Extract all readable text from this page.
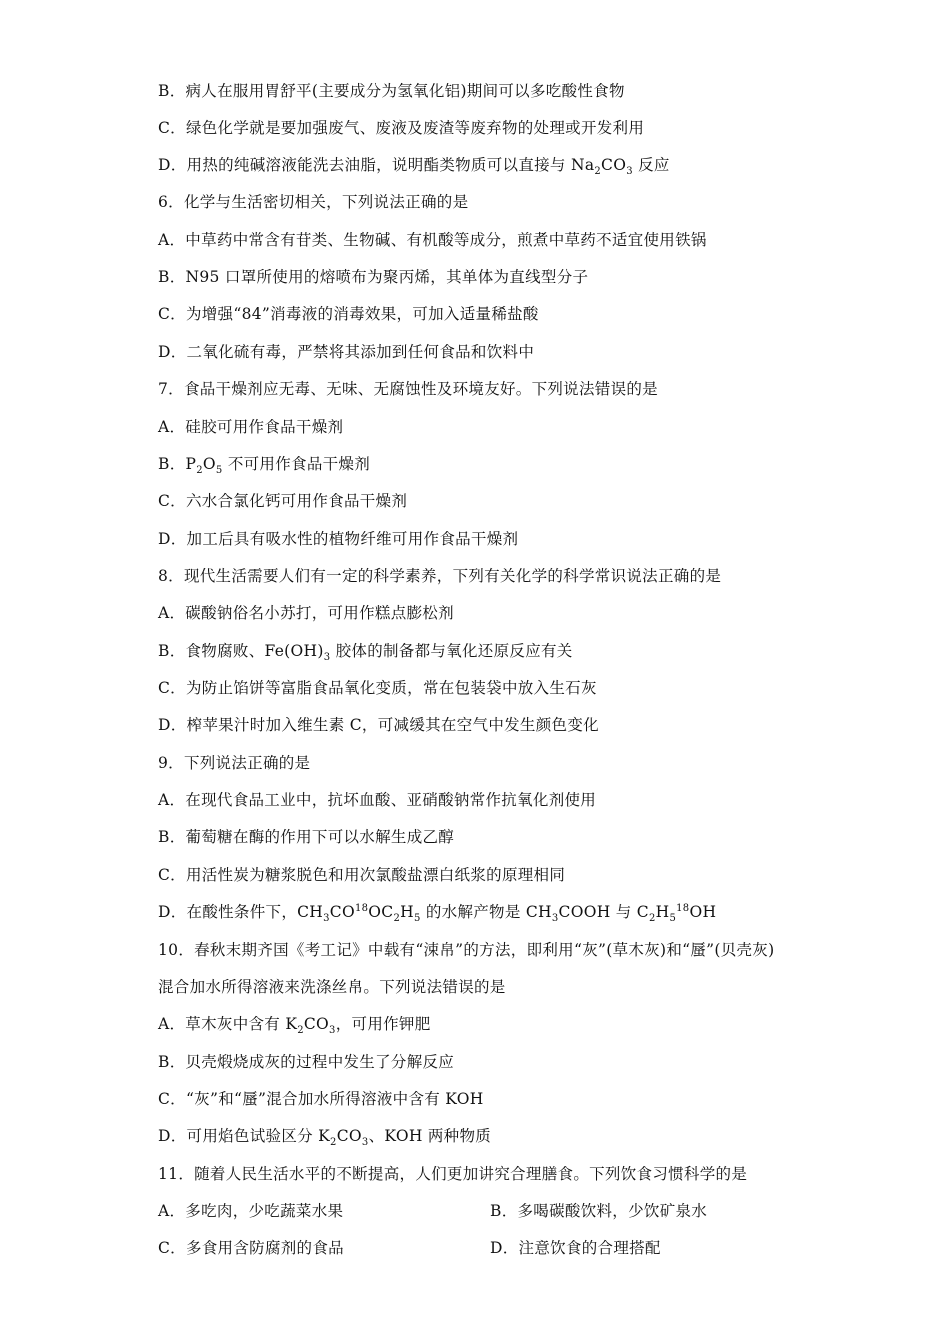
B．病人在服用胃舒平(主要成分为氢氧化铝)期间可以多吃酸性食物
C．绿色化学就是要加强废气、废液及废渣等废弃物的处理或开发利用
D．用热的纯碱溶液能洗去油脂，说明酯类物质可以直接与 $Na_2CO_3$ 反应
6．化学与生活密切相关，下列说法正确的是
A．中草药中常含有苷类、生物碱、有机酸等成分，煎煮中草药不适宜使用铁锅
B．N95 口罩所使用的熔喷布为聚丙烯，其单体为直线型分子
C．为增强“84”消毒液的消毒效果，可加入适量稀盐酸
D．二氧化硫有毒，严禁将其添加到任何食品和饮料中
7．食品干燥剂应无毒、无味、无腐蚀性及环境友好。下列说法错误的是
A．硅胶可用作食品干燥剂
B．$P_2O_5$ 不可用作食品干燥剂
C．六水合氯化钙可用作食品干燥剂
D．加工后具有吸水性的植物纤维可用作食品干燥剂
8．现代生活需要人们有一定的科学素养，下列有关化学的科学常识说法正确的是
A．碳酸钠俗名小苏打，可用作糕点膨松剂
B．食物腐败、$Fe(OH)_3$ 胶体的制备都与氧化还原反应有关
C．为防止馅饼等富脂食品氧化变质，常在包装袋中放入生石灰
D．榨苹果汁时加入维生素 C，可减缓其在空气中发生颜色变化
9．下列说法正确的是
A．在现代食品工业中，抗坏血酸、亚硝酸钠常作抗氧化剂使用
B．葡萄糖在酶的作用下可以水解生成乙醇
C．用活性炭为糖浆脱色和用次氯酸盐漂白纸浆的原理相同
D．在酸性条件下，$CH_3CO^{18}OC_2H_5$ 的水解产物是 $CH_3COOH$ 与 $C_2H_5^{18}OH$
10．春秋末期齐国《考工记》中载有“涑帛”的方法，即利用“灰”(草木灰)和“蜃”(贝壳灰)
混合加水所得溶液来洗涤丝帛。下列说法错误的是
A．草木灰中含有 $K_2CO_3$，可用作钾肥
B．贝壳煅烧成灰的过程中发生了分解反应
C．“灰”和“蜃”混合加水所得溶液中含有 KOH
D．可用焰色试验区分 $K_2CO_3$、KOH 两种物质
11．随着人民生活水平的不断提高，人们更加讲究合理膳食。下列饮食习惯科学的是
A．多吃肉，少吃蔬菜水果	B．多喝碳酸饮料，少饮矿泉水
C．多食用含防腐剂的食品	D．注意饮食的合理搭配
